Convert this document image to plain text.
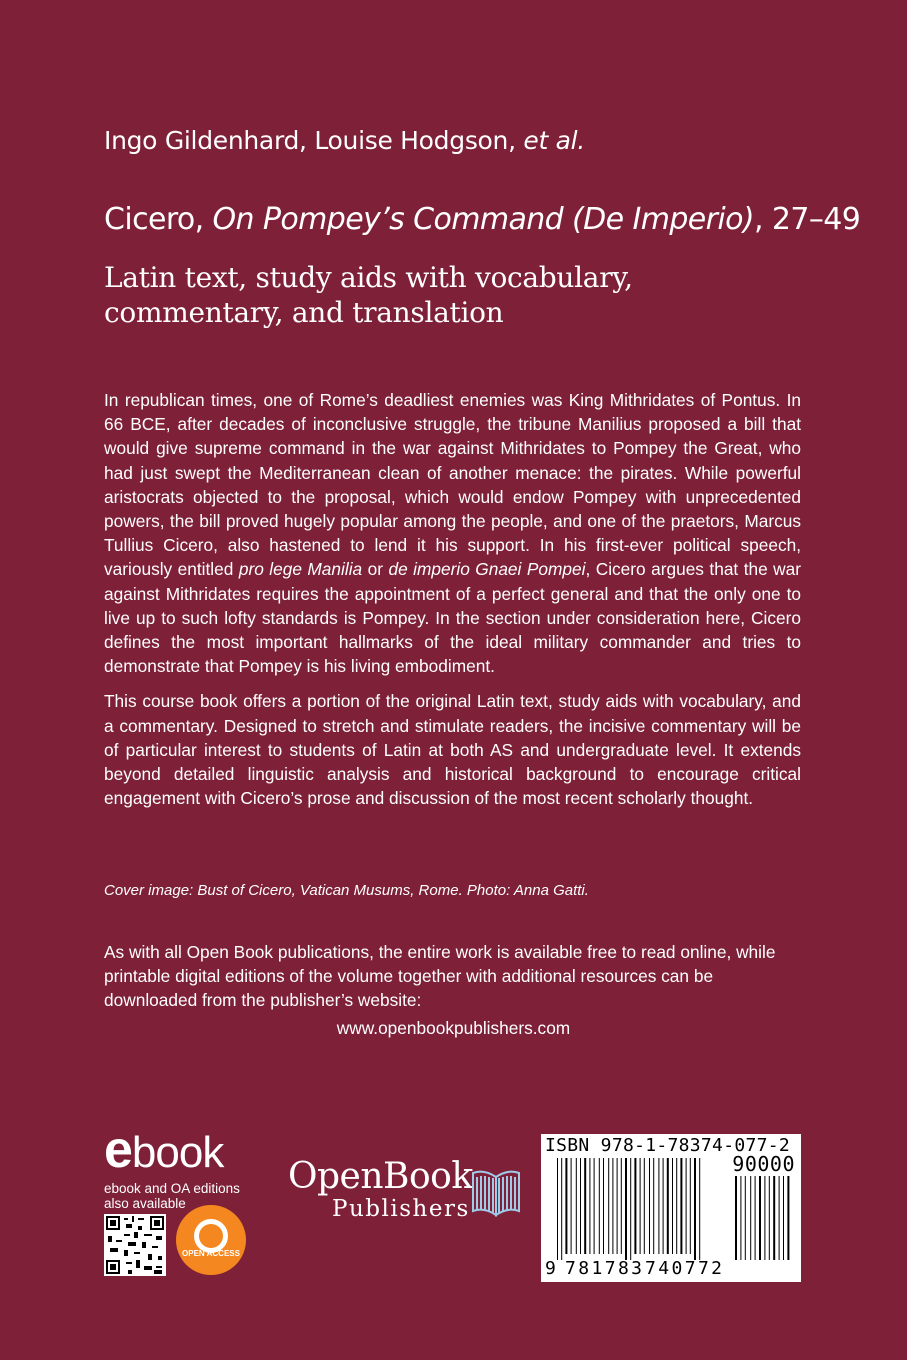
Ingo Gildenhard, Louise Hodgson, et al.
Cicero, On Pompey’s Command (De Imperio), 27–49
Latin text, study aids with vocabulary, commentary, and translation

In republican times, one of Rome’s deadliest enemies was King Mithridates of Pontus. In 66 BCE, after decades of inconclusive struggle, the tribune Manilius proposed a bill that would give supreme command in the war against Mithridates to Pompey the Great, who had just swept the Mediterranean clean of another menace: the pirates. While powerful aristocrats objected to the proposal, which would endow Pompey with unprecedented powers, the bill proved hugely popular among the people, and one of the praetors, Marcus Tullius Cicero, also hastened to lend it his support. In his first-ever political speech, variously entitled pro lege Manilia or de imperio Gnaei Pompei, Cicero argues that the war against Mithridates requires the appointment of a perfect general and that the only one to live up to such lofty standards is Pompey. In the section under consideration here, Cicero defines the most important hallmarks of the ideal military commander and tries to demonstrate that Pompey is his living embodiment.

This course book offers a portion of the original Latin text, study aids with vocabulary, and a commentary. Designed to stretch and stimulate readers, the incisive commentary will be of particular interest to students of Latin at both AS and undergraduate level. It extends beyond detailed linguistic analysis and historical background to encourage critical engagement with Cicero’s prose and discussion of the most recent scholarly thought.

Cover image: Bust of Cicero, Vatican Musums, Rome. Photo: Anna Gatti.
As with all Open Book publications, the entire work is available free to read online, while printable digital editions of the volume together with additional resources can be downloaded from the publisher’s website:
www.openbookpublishers.com
ebook
ebook and OA editions also available
OPEN ACCESS
OpenBook
Publishers
ISBN 978-1-78374-077-2
90000
9 781783 740772
